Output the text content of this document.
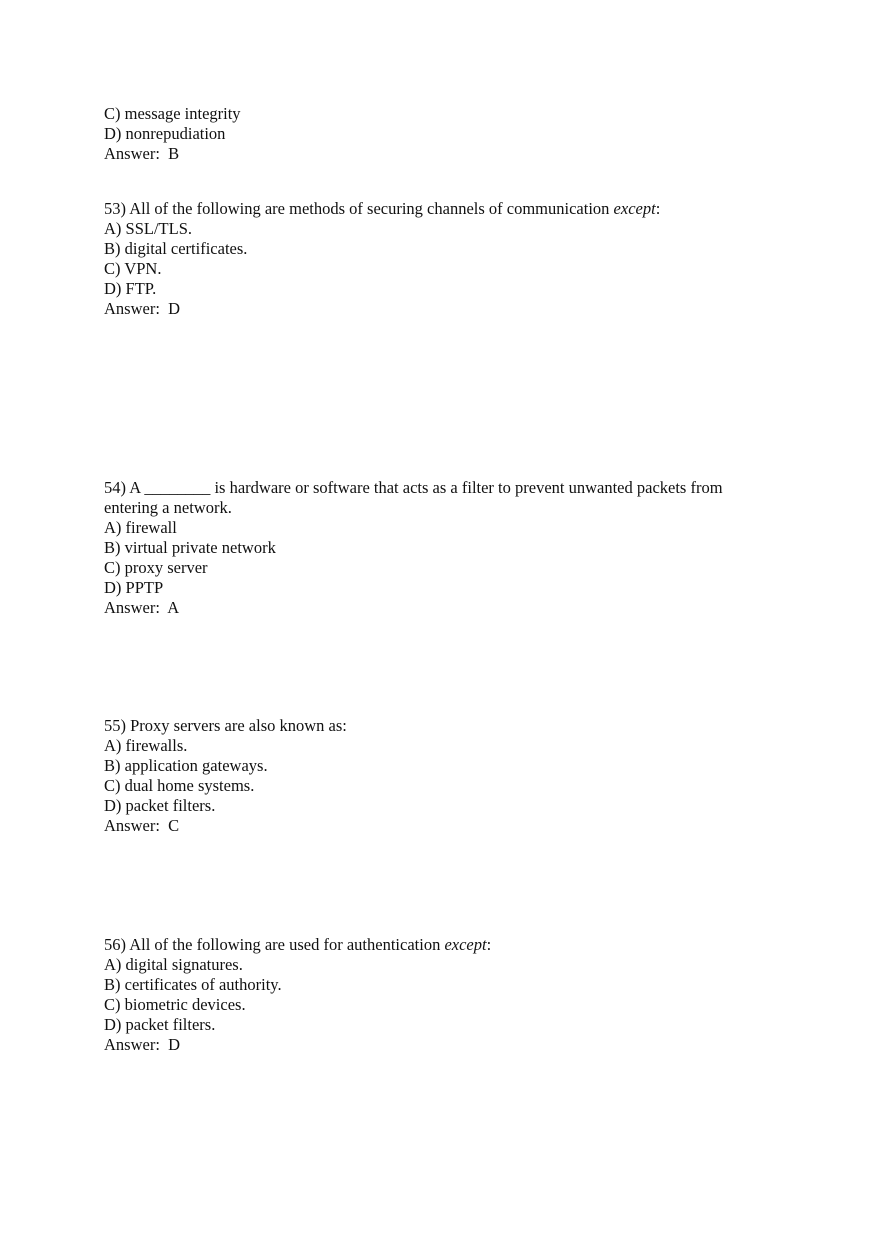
C) message integrity
D) nonrepudiation
Answer:  B
53) All of the following are methods of securing channels of communication except:
A) SSL/TLS.
B) digital certificates.
C) VPN.
D) FTP.
Answer:  D
54) A ________ is hardware or software that acts as a filter to prevent unwanted packets from
entering a network.
A) firewall
B) virtual private network
C) proxy server
D) PPTP
Answer:  A
55) Proxy servers are also known as:
A) firewalls.
B) application gateways.
C) dual home systems.
D) packet filters.
Answer:  C
56) All of the following are used for authentication except:
A) digital signatures.
B) certificates of authority.
C) biometric devices.
D) packet filters.
Answer:  D
